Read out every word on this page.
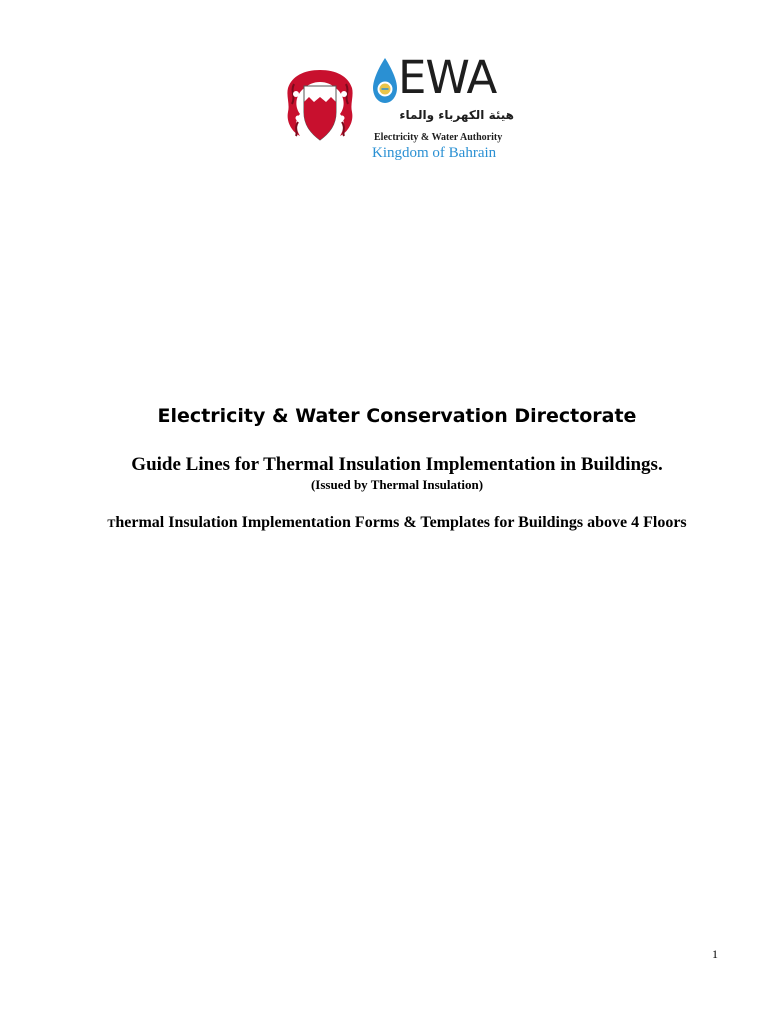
EWA
هيئة الكهرباء والماء
Electricity & Water Authority
Kingdom of Bahrain
Electricity & Water Conservation Directorate
Guide Lines for Thermal Insulation Implementation in Buildings.
(Issued by Thermal Insulation)
Thermal Insulation Implementation Forms & Templates for Buildings above 4 Floors
1
